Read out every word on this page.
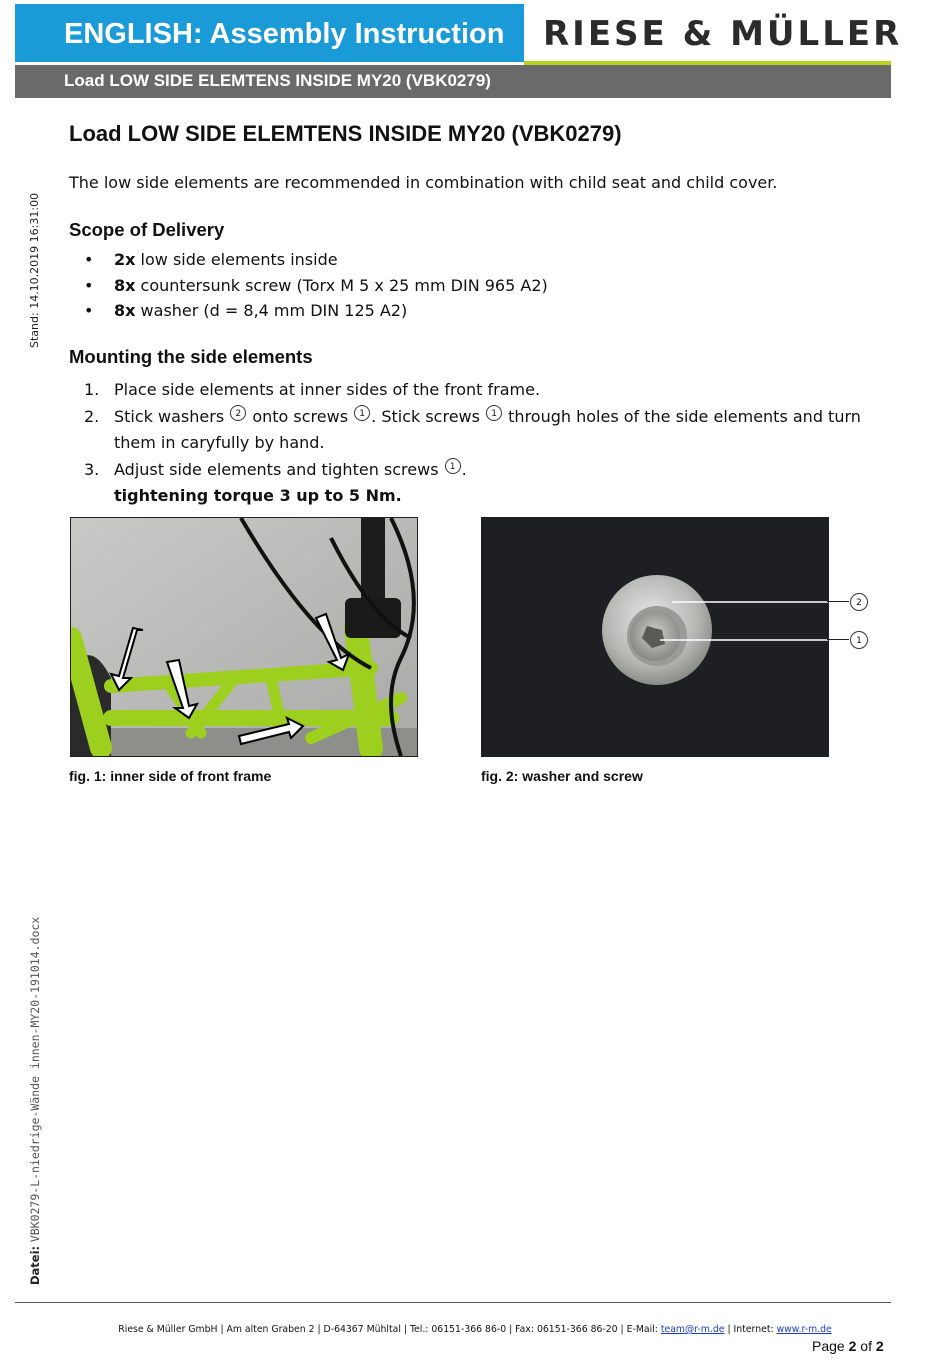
ENGLISH: Assembly Instruction	RIESE & MÜLLER
Load LOW SIDE ELEMTENS INSIDE MY20 (VBK0279)
Stand: 14.10.2019 16:31:00
Datei: VBK0279-L-niedrige-Wände innen-MY20-191014.docx
Load LOW SIDE ELEMTENS INSIDE MY20 (VBK0279)
The low side elements are recommended in combination with child seat and child cover.
Scope of Delivery
• 2x low side elements inside
• 8x countersunk screw (Torx M 5 x 25 mm DIN 965 A2)
• 8x washer (d = 8,4 mm DIN 125 A2)
Mounting the side elements
1. Place side elements at inner sides of the front frame.
2. Stick washers 2 onto screws 1 . Stick screws 1 through holes of the side elements and turn them in caryfully by hand.
3. Adjust side elements and tighten screws 1 .
tightening torque 3 up to 5 Nm.
fig. 1: inner side of front frame
2
1
fig. 2: washer and screw
Riese & Müller GmbH | Am alten Graben 2 | D-64367 Mühltal | Tel.: 06151-366 86-0 | Fax: 06151-366 86-20 | E-Mail: team@r-m.de | Internet: www.r-m.de
Page 2 of 2
